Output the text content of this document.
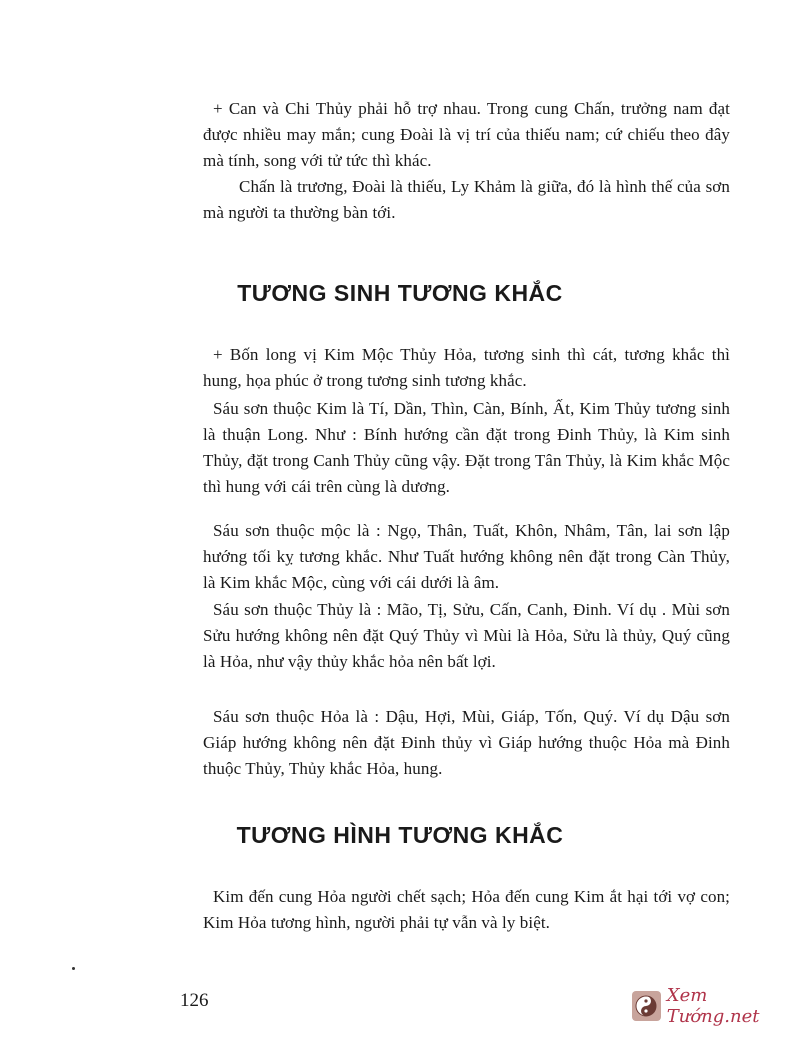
+ Can và Chi Thủy phải hỗ trợ nhau. Trong cung Chấn, trưởng nam đạt được nhiều may mắn; cung Đoài là vị trí của thiếu nam; cứ chiếu theo đây mà tính, song với tử tức thì khác.

Chấn là trương, Đoài là thiếu, Ly Khảm là giữa, đó là hình thế của sơn mà người ta thường bàn tới.

TƯƠNG SINH TƯƠNG KHẮC

+ Bốn long vị Kim Mộc Thủy Hỏa, tương sinh thì cát, tương khắc thì hung, họa phúc ở trong tương sinh tương khắc.

Sáu sơn thuộc Kim là Tí, Dần, Thìn, Càn, Bính, Ất, Kim Thủy tương sinh là thuận Long. Như : Bính hướng cần đặt trong Đinh Thủy, là Kim sinh Thủy, đặt trong Canh Thủy cũng vậy. Đặt trong Tân Thủy, là Kim khắc Mộc thì hung với cái trên cùng là dương.

Sáu sơn thuộc mộc là : Ngọ, Thân, Tuất, Khôn, Nhâm, Tân, lai sơn lập hướng tối kỵ tương khắc. Như Tuất hướng không nên đặt trong Càn Thủy, là Kim khắc Mộc, cùng với cái dưới là âm.

Sáu sơn thuộc Thủy là : Mão, Tị, Sửu, Cấn, Canh, Đinh. Ví dụ . Mùi sơn Sửu hướng không nên đặt Quý Thủy vì Mùi là Hỏa, Sửu là thủy, Quý cũng là Hỏa, như vậy thủy khắc hỏa nên bất lợi.

Sáu sơn thuộc Hỏa là : Dậu, Hợi, Mùi, Giáp, Tốn, Quý. Ví dụ Dậu sơn Giáp hướng không nên đặt Đinh thủy vì Giáp hướng thuộc Hỏa mà Đinh thuộc Thủy, Thủy khắc Hỏa, hung.

TƯƠNG HÌNH TƯƠNG KHẮC

Kim đến cung Hỏa người chết sạch; Hỏa đến cung Kim ắt hại tới vợ con; Kim Hỏa tương hình, người phải tự vẫn và ly biệt.

126	Xem Tướng.net
